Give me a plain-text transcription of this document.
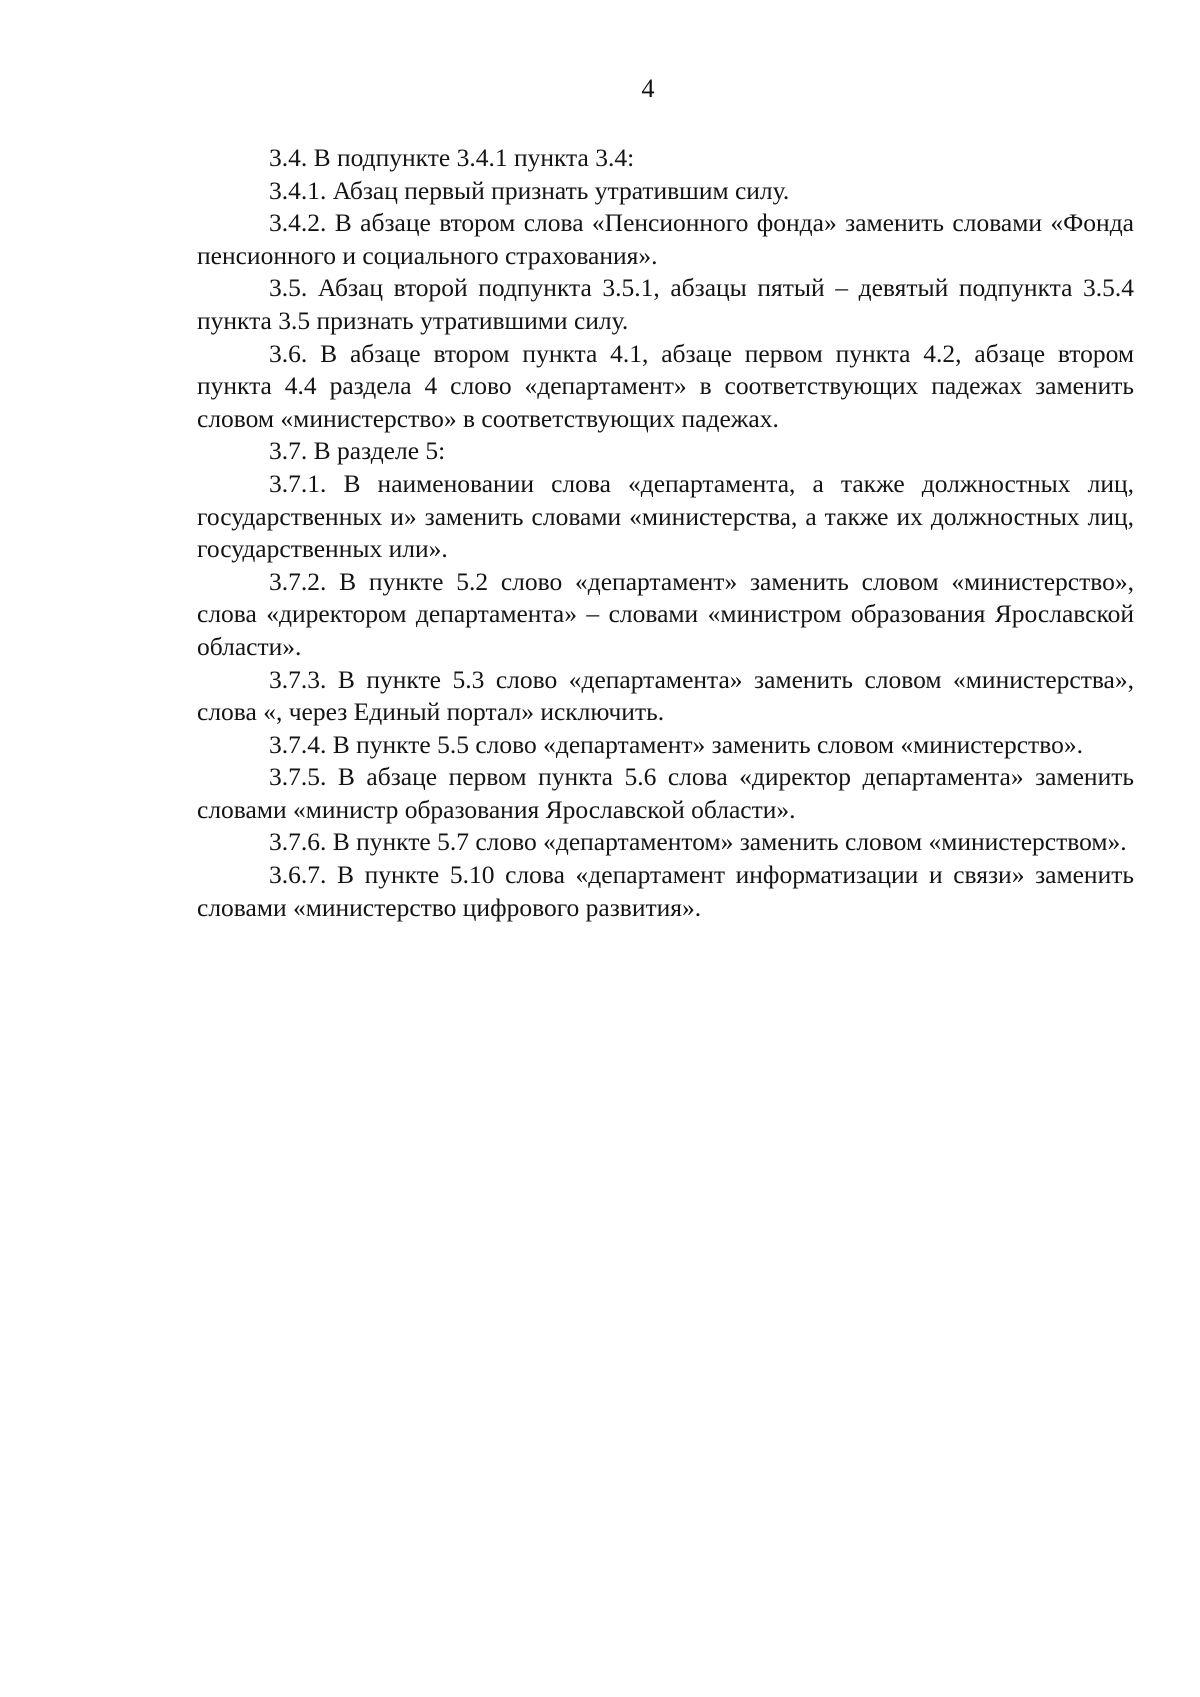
4

3.4. В подпункте 3.4.1 пункта 3.4:

3.4.1. Абзац первый признать утратившим силу.

3.4.2. В абзаце втором слова «Пенсионного фонда» заменить словами «Фонда пенсионного и социального страхования».

3.5. Абзац второй подпункта 3.5.1, абзацы пятый – девятый подпункта 3.5.4 пункта 3.5 признать утратившими силу.

3.6. В абзаце втором пункта 4.1, абзаце первом пункта 4.2, абзаце втором пункта 4.4 раздела 4 слово «департамент» в соответствующих падежах заменить словом «министерство» в соответствующих падежах.

3.7. В разделе 5:

3.7.1. В наименовании слова «департамента, а также должностных лиц, государственных и» заменить словами «министерства, а также их должностных лиц, государственных или».

3.7.2. В пункте 5.2 слово «департамент» заменить словом «министерство», слова «директором департамента» – словами «министром образования Ярославской области».

3.7.3. В пункте 5.3 слово «департамента» заменить словом «министерства», слова «, через Единый портал» исключить.

3.7.4. В пункте 5.5 слово «департамент» заменить словом «министерство».

3.7.5. В абзаце первом пункта 5.6 слова «директор департамента» заменить словами «министр образования Ярославской области».

3.7.6. В пункте 5.7 слово «департаментом» заменить словом «министерством».

3.6.7. В пункте 5.10 слова «департамент информатизации и связи» заменить словами «министерство цифрового развития».
